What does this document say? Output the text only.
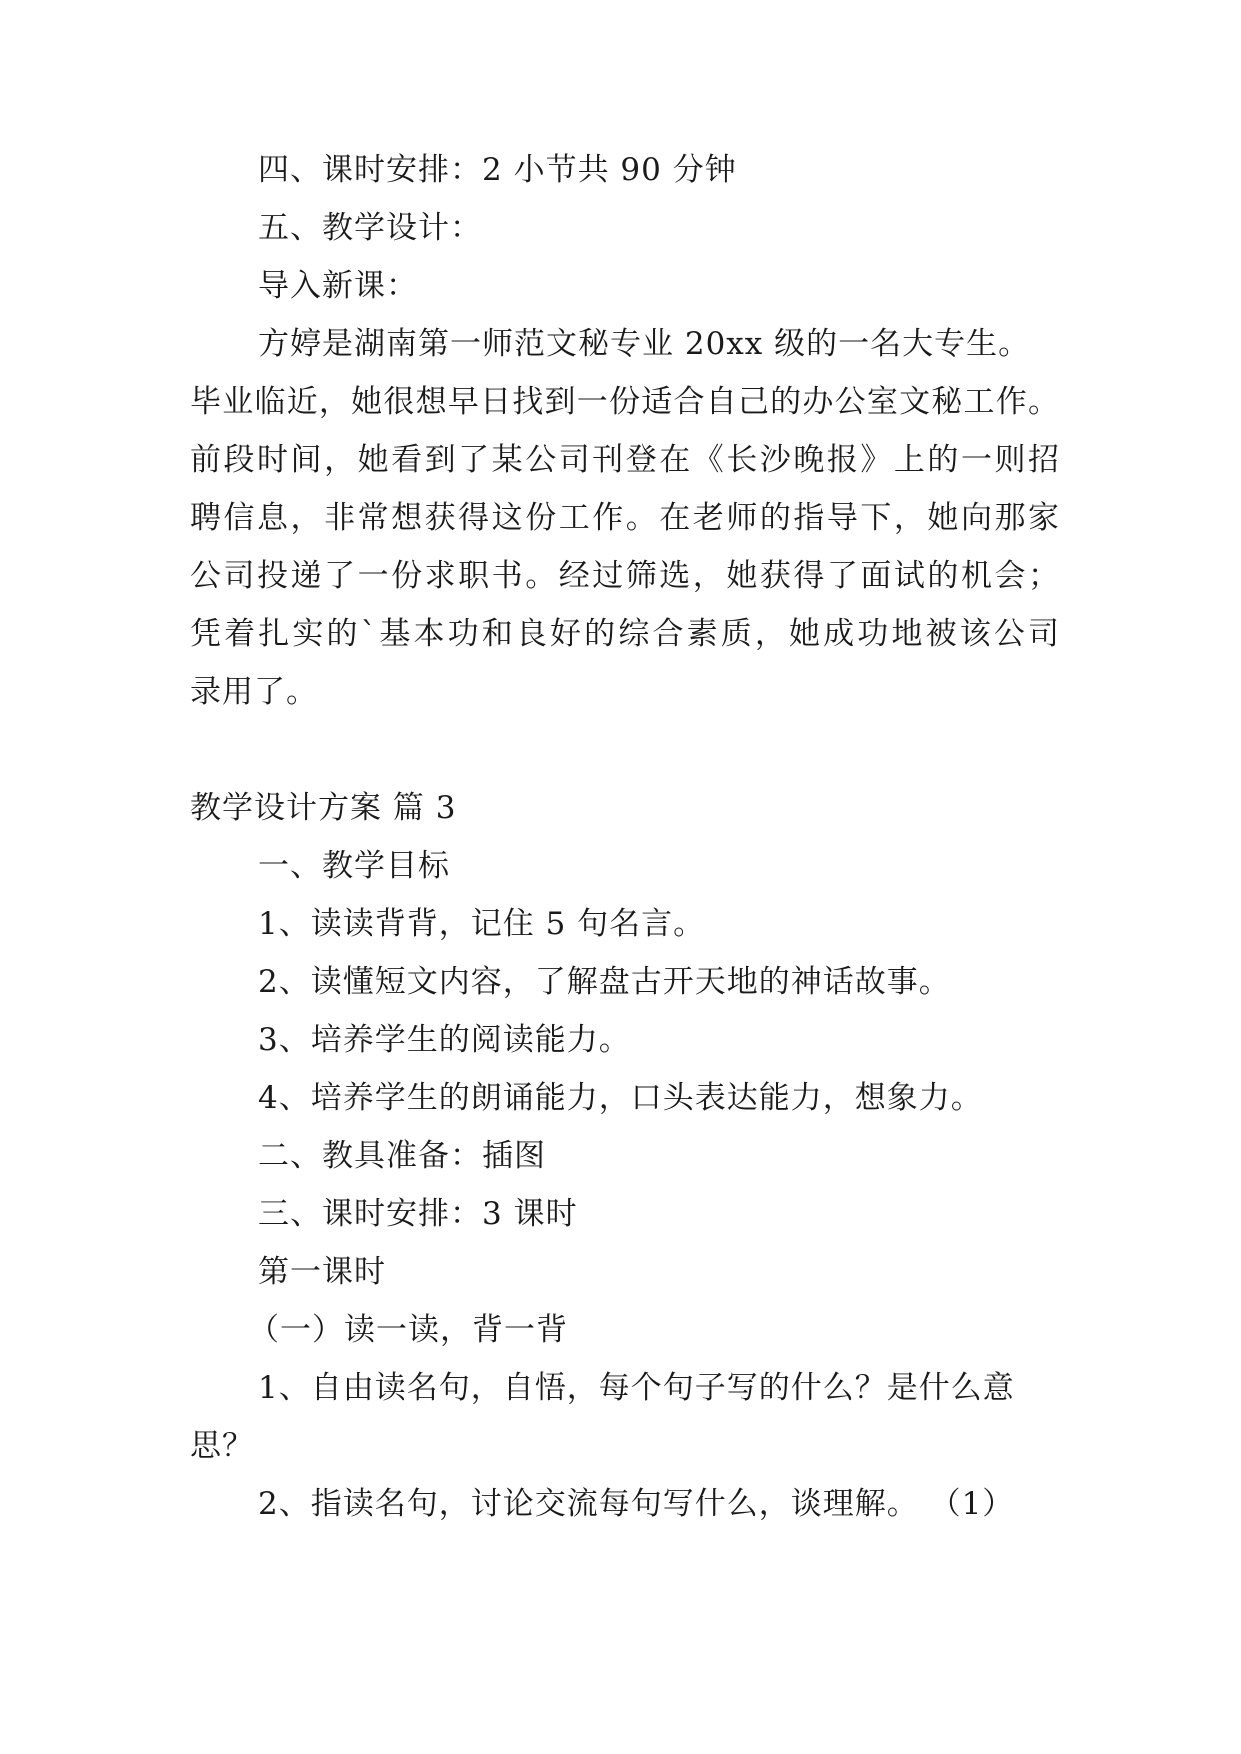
四、课时安排：2 小节共 90 分钟
五、教学设计：
导入新课：
方婷是湖南第一师范文秘专业 20xx 级的一名大专生。
毕业临近，她很想早日找到一份适合自己的办公室文秘工作。
前段时间，她看到了某公司刊登在《长沙晚报》上的一则招
聘信息，非常想获得这份工作。在老师的指导下，她向那家
公司投递了一份求职书。经过筛选，她获得了面试的机会；
凭着扎实的`基本功和良好的综合素质，她成功地被该公司
录用了。
教学设计方案 篇 3
一、教学目标
1、读读背背，记住 5 句名言。
2、读懂短文内容，了解盘古开天地的神话故事。
3、培养学生的阅读能力。
4、培养学生的朗诵能力，口头表达能力，想象力。
二、教具准备：插图
三、课时安排：3 课时
第一课时
（一）读一读，背一背
1、自由读名句，自悟，每个句子写的什么？是什么意
思？
2、指读名句，讨论交流每句写什么，谈理解。 （1）
